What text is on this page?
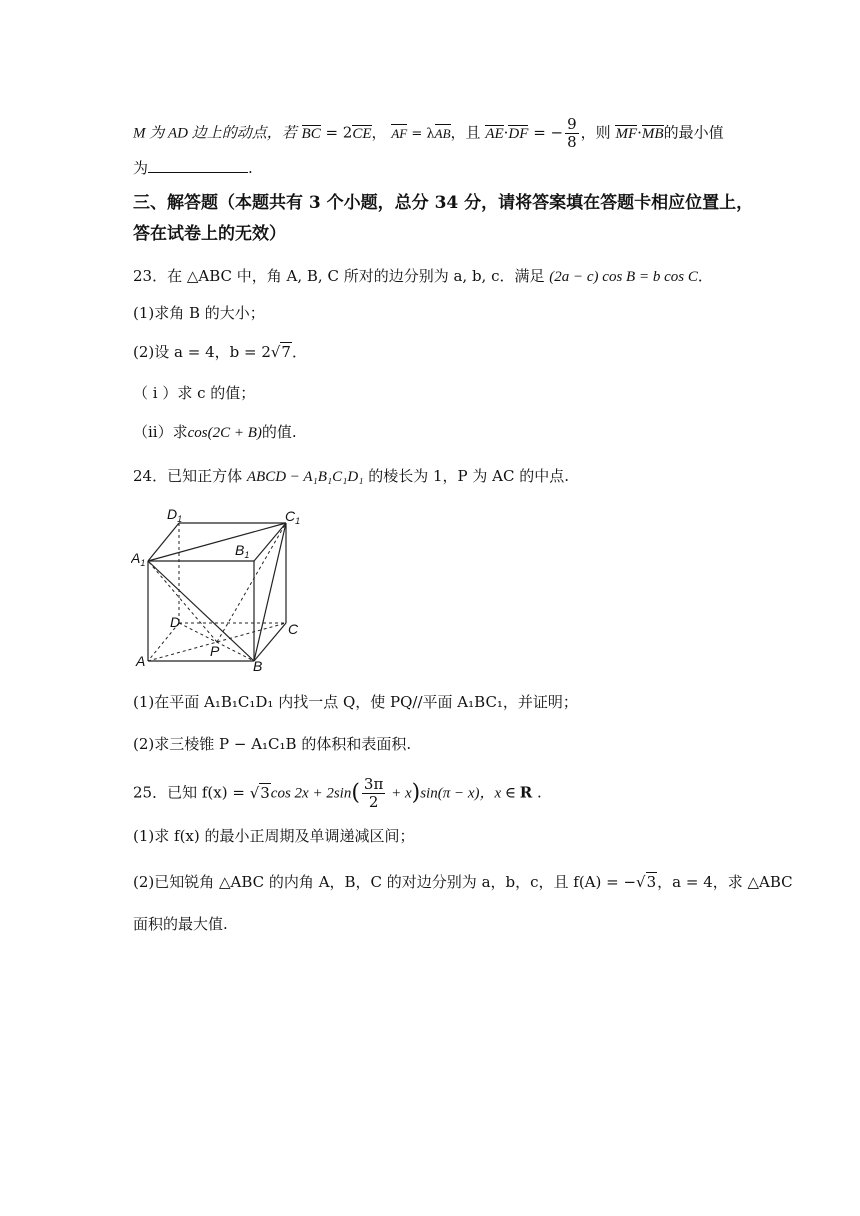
M 为 AD 边上的动点，若 BC = 2CE， AF = λAB，且 AE·DF = − $\frac{9}{8}$ ，则 MF·MB的最小值
为	.
三、解答题（本题共有 3 个小题，总分 34 分，请将答案填在答题卡相应位置上，
答在试卷上的无效）
23．在 △ABC 中，角 A, B, C 所对的边分别为 a, b, c．满足 (2a − c) cos B = b cos C．
(1)求角 B 的大小；
(2)设 a = 4，b = 2√7．
（ i ）求 c 的值；
（ii）求cos(2C + B)的值.
24．已知正方体 ABCD − A₁B₁C₁D₁ 的棱长为 1，P 为 AC 的中点.
$D_1$	$C_1$
$A_1$
$B_1$
D	C
A	B
P
(1)在平面 A₁B₁C₁D₁ 内找一点 Q，使 PQ//平面 A₁BC₁，并证明；
(2)求三棱锥 P − A₁C₁B 的体积和表面积.
25．已知 f(x) = √3cos $2x + 2\sin( \frac{3\pi}{2} + x)\sin(\pi - x)$，x ∈ R .
(1)求 f(x) 的最小正周期及单调递减区间；
(2)已知锐角 △ABC 的内角 A，B，C 的对边分别为 a，b，c，且 f(A) = −√3，a = 4，求 △ABC
面积的最大值.
